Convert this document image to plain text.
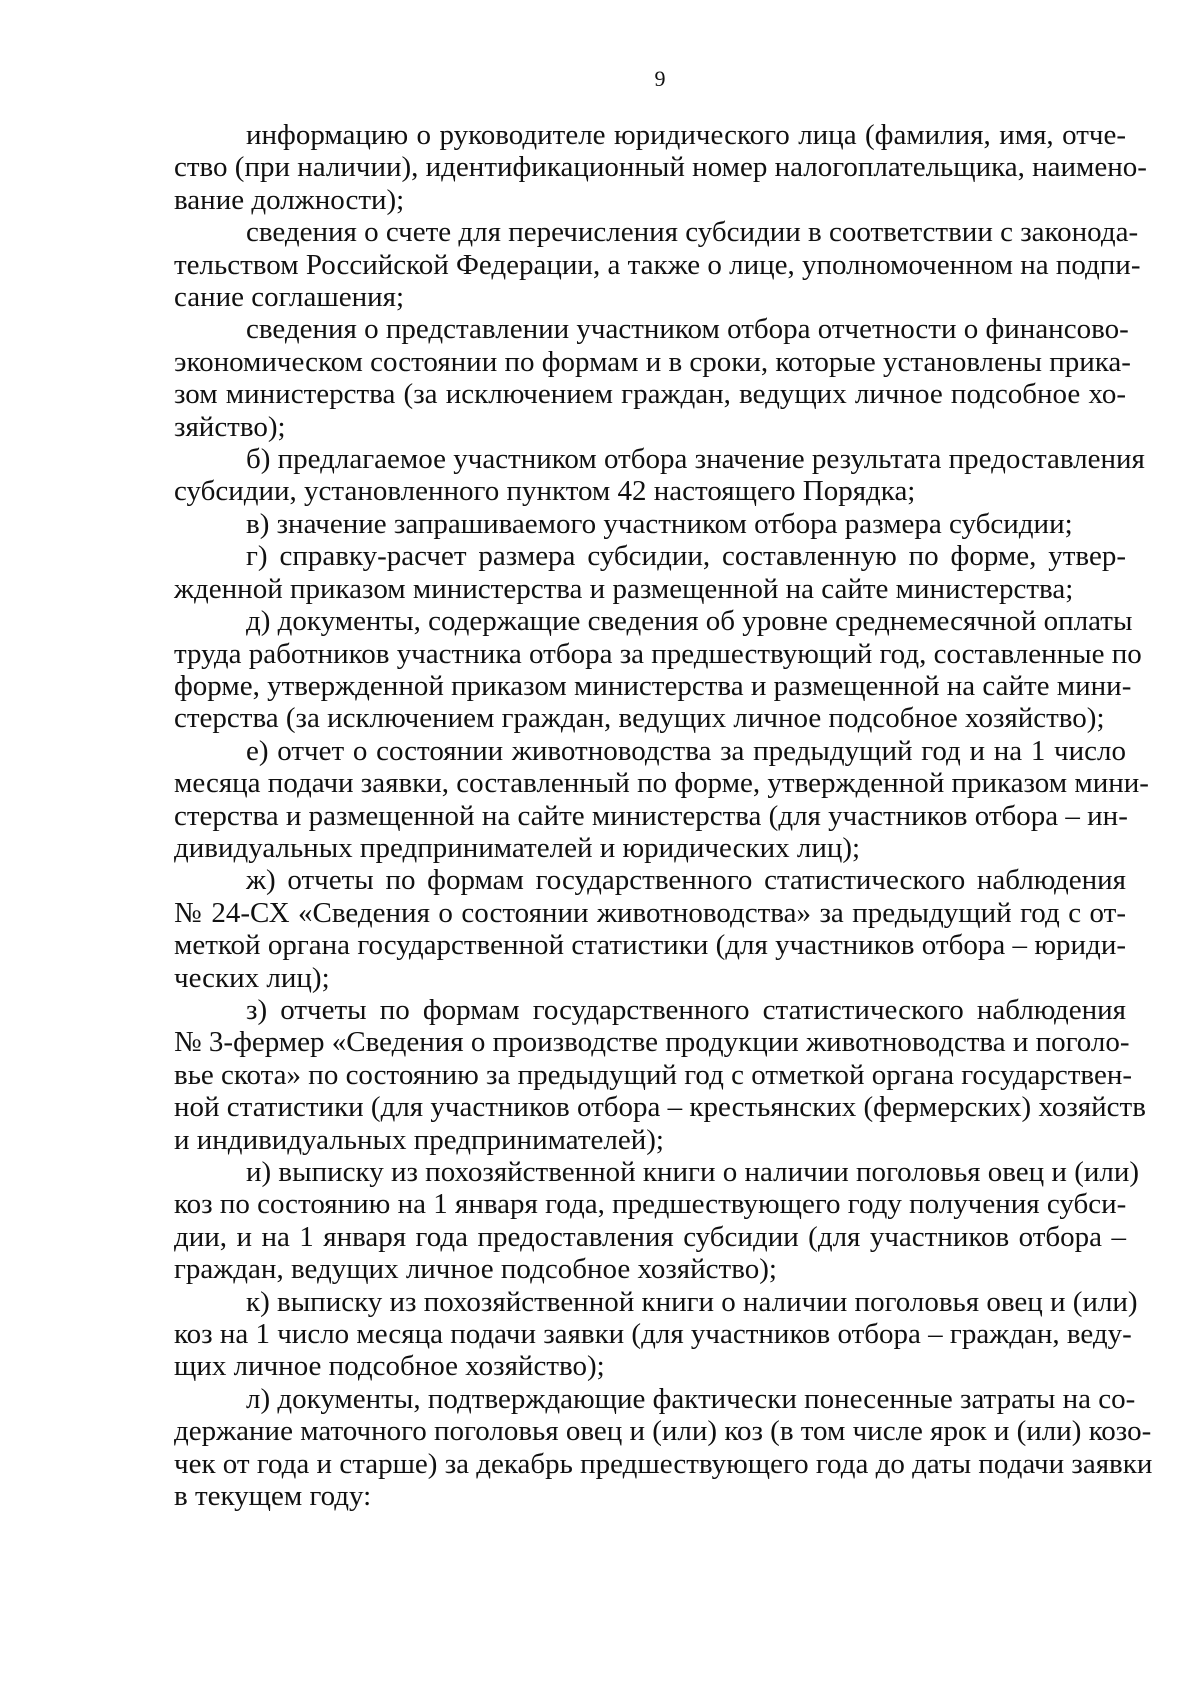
9
информацию о руководителе юридического лица (фамилия, имя, отче-
ство (при наличии), идентификационный номер налогоплательщика, наимено-
вание должности);
сведения о счете для перечисления субсидии в соответствии с законода-
тельством Российской Федерации, а также о лице, уполномоченном на подпи-
сание соглашения;
сведения о представлении участником отбора отчетности о финансово-
экономическом состоянии по формам и в сроки, которые установлены прика-
зом министерства (за исключением граждан, ведущих личное подсобное хо-
зяйство);
б) предлагаемое участником отбора значение результата предоставления
субсидии, установленного пунктом 42 настоящего Порядка;
в) значение запрашиваемого участником отбора размера субсидии;
г) справку-расчет размера субсидии, составленную по форме, утвер-
жденной приказом министерства и размещенной на сайте министерства;
д) документы, содержащие сведения об уровне среднемесячной оплаты
труда работников участника отбора за предшествующий год, составленные по
форме, утвержденной приказом министерства и размещенной на сайте мини-
стерства (за исключением граждан, ведущих личное подсобное хозяйство);
е) отчет о состоянии животноводства за предыдущий год и на 1 число
месяца подачи заявки, составленный по форме, утвержденной приказом мини-
стерства и размещенной на сайте министерства (для участников отбора – ин-
дивидуальных предпринимателей и юридических лиц);
ж) отчеты по формам государственного статистического наблюдения
№ 24-СХ «Сведения о состоянии животноводства» за предыдущий год с от-
меткой органа государственной статистики (для участников отбора – юриди-
ческих лиц);
з) отчеты по формам государственного статистического наблюдения
№ 3-фермер «Сведения о производстве продукции животноводства и поголо-
вье скота» по состоянию за предыдущий год с отметкой органа государствен-
ной статистики (для участников отбора – крестьянских (фермерских) хозяйств
и индивидуальных предпринимателей);
и) выписку из похозяйственной книги о наличии поголовья овец и (или)
коз по состоянию на 1 января года, предшествующего году получения субси-
дии, и на 1 января года предоставления субсидии (для участников отбора –
граждан, ведущих личное подсобное хозяйство);
к) выписку из похозяйственной книги о наличии поголовья овец и (или)
коз на 1 число месяца подачи заявки (для участников отбора – граждан, веду-
щих личное подсобное хозяйство);
л) документы, подтверждающие фактически понесенные затраты на со-
держание маточного поголовья овец и (или) коз (в том числе ярок и (или) козо-
чек от года и старше) за декабрь предшествующего года до даты подачи заявки
в текущем году:
